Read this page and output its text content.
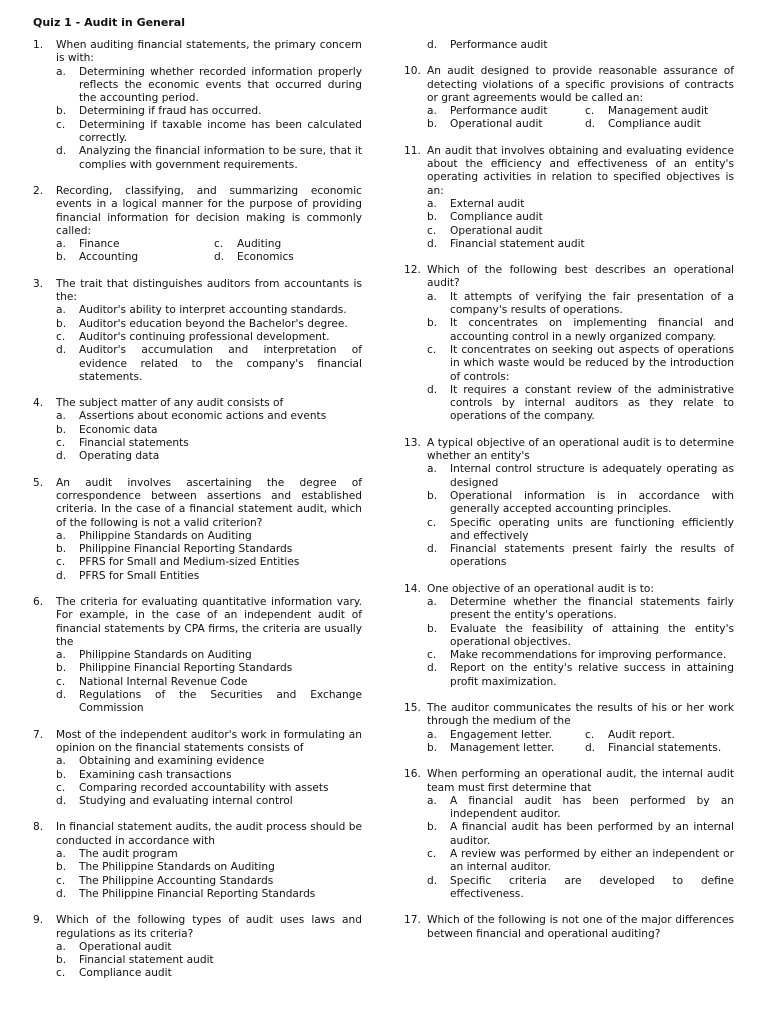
Quiz 1 - Audit in General
1.	When auditing financial statements, the primary concern is with:
a.	Determining whether recorded information properly reflects the economic events that occurred during the accounting period.
b.	Determining if fraud has occurred.
c.	Determining if taxable income has been calculated correctly.
d.	Analyzing the financial information to be sure, that it complies with government requirements.
2.	Recording, classifying, and summarizing economic events in a logical manner for the purpose of providing financial information for decision making is commonly called:
a.	Finance	c.	Auditing
b.	Accounting	d.	Economics
3.	The trait that distinguishes auditors from accountants is the:
a.	Auditor's ability to interpret accounting standards.
b.	Auditor's education beyond the Bachelor's degree.
c.	Auditor's continuing professional development.
d.	Auditor's accumulation and interpretation of evidence related to the company's financial statements.
4.	The subject matter of any audit consists of
a.	Assertions about economic actions and events
b.	Economic data
c.	Financial statements
d.	Operating data
5.	An audit involves ascertaining the degree of correspondence between assertions and established criteria. In the case of a financial statement audit, which of the following is not a valid criterion?
a.	Philippine Standards on Auditing
b.	Philippine Financial Reporting Standards
c.	PFRS for Small and Medium-sized Entities
d.	PFRS for Small Entities
6.	The criteria for evaluating quantitative information vary. For example, in the case of an independent audit of financial statements by CPA firms, the criteria are usually the
a.	Philippine Standards on Auditing
b.	Philippine Financial Reporting Standards
c.	National Internal Revenue Code
d.	Regulations of the Securities and Exchange Commission
7.	Most of the independent auditor's work in formulating an opinion on the financial statements consists of
a.	Obtaining and examining evidence
b.	Examining cash transactions
c.	Comparing recorded accountability with assets
d.	Studying and evaluating internal control
8.	In financial statement audits, the audit process should be conducted in accordance with
a.	The audit program
b.	The Philippine Standards on Auditing
c.	The Philippine Accounting Standards
d.	The Philippine Financial Reporting Standards
9.	Which of the following types of audit uses laws and regulations as its criteria?
a.	Operational audit
b.	Financial statement audit
c.	Compliance audit
d.	Performance audit
10. An audit designed to provide reasonable assurance of detecting violations of a specific provisions of contracts or grant agreements would be called an:
a.	Performance audit	c.	Management audit
b.	Operational audit	d.	Compliance audit
11. An audit that involves obtaining and evaluating evidence about the efficiency and effectiveness of an entity's operating activities in relation to specified objectives is an:
a.	External audit
b.	Compliance audit
c.	Operational audit
d.	Financial statement audit
12. Which of the following best describes an operational audit?
a.	It attempts of verifying the fair presentation of a company's results of operations.
b.	It concentrates on implementing financial and accounting control in a newly organized company.
c.	It concentrates on seeking out aspects of operations in which waste would be reduced by the introduction of controls:
d.	It requires a constant review of the administrative controls by internal auditors as they relate to operations of the company.
13. A typical objective of an operational audit is to determine whether an entity's
a.	Internal control structure is adequately operating as designed
b.	Operational information is in accordance with generally accepted accounting principles.
c.	Specific operating units are functioning efficiently and effectively
d.	Financial statements present fairly the results of operations
14. One objective of an operational audit is to:
a.	Determine whether the financial statements fairly present the entity's operations.
b.	Evaluate the feasibility of attaining the entity's operational objectives.
c.	Make recommendations for improving performance.
d.	Report on the entity's relative success in attaining profit maximization.
15. The auditor communicates the results of his or her work through the medium of the
a.	Engagement letter.	c.	Audit report.
b.	Management letter.	d.	Financial statements.
16. When performing an operational audit, the internal audit team must first determine that
a.	A financial audit has been performed by an independent auditor.
b.	A financial audit has been performed by an internal auditor.
c.	A review was performed by either an independent or an internal auditor.
d.	Specific criteria are developed to define effectiveness.
17. Which of the following is not one of the major differences between financial and operational auditing?
